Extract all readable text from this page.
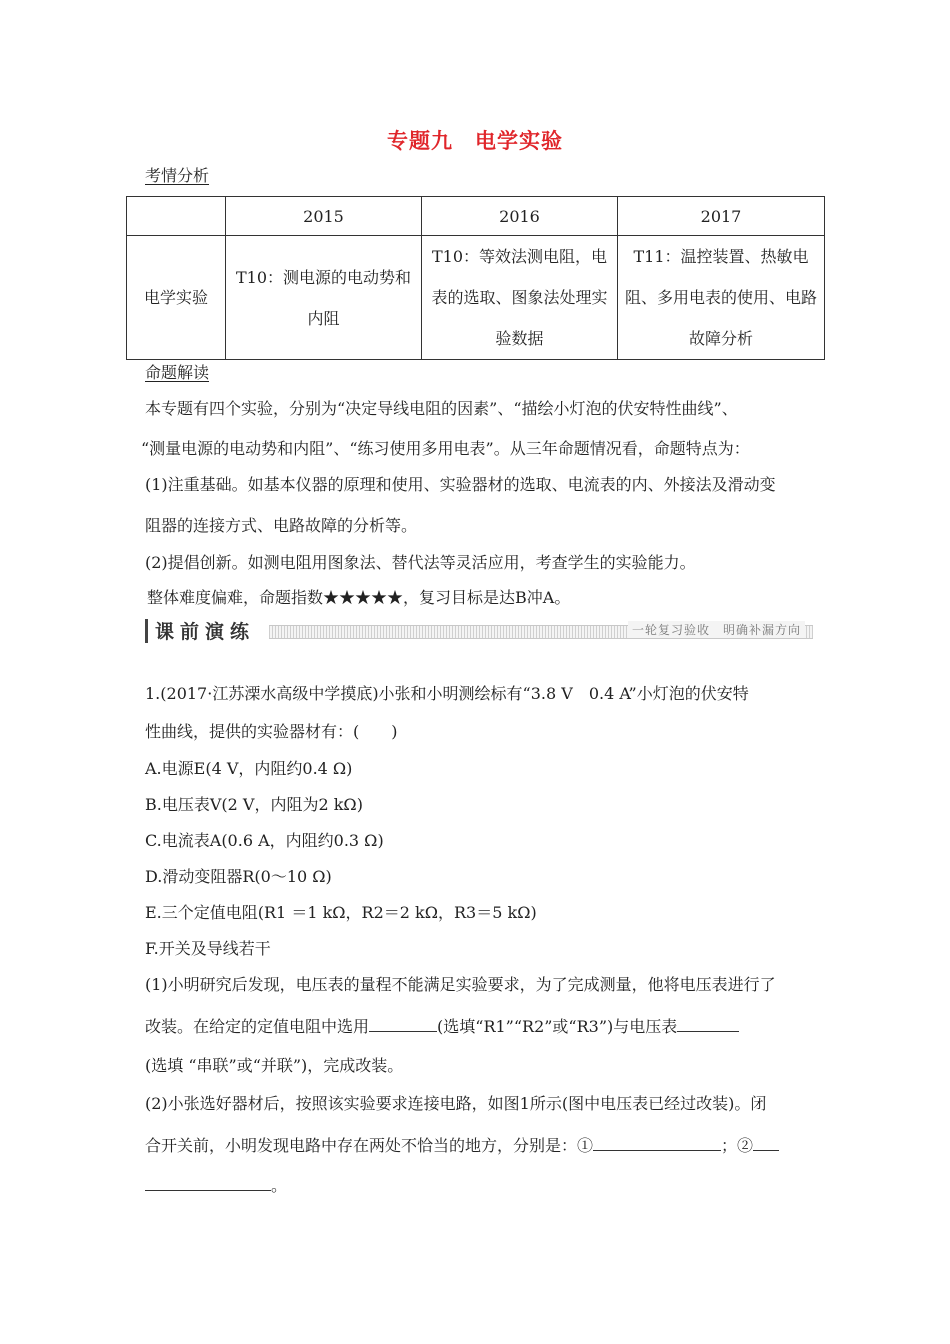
专题九　电学实验
考情分析
	2015	2016	2017
电学实验	T10：测电源的电动势和内阻	T10：等效法测电阻，电表的选取、图象法处理实验数据	T11：温控装置、热敏电阻、多用电表的使用、电路故障分析
命题解读
本专题有四个实验，分别为“决定导线电阻的因素”、“描绘小灯泡的伏安特性曲线”、
“测量电源的电动势和内阻”、“练习使用多用电表”。从三年命题情况看，命题特点为：
(1)注重基础。如基本仪器的原理和使用、实验器材的选取、电流表的内、外接法及滑动变
阻器的连接方式、电路故障的分析等。
(2)提倡创新。如测电阻用图象法、替代法等灵活应用，考查学生的实验能力。
整体难度偏难，命题指数★★★★★，复习目标是达B冲A。
课前演练	一轮复习验收　明确补漏方向
1.(2017·江苏溧水高级中学摸底)小张和小明测绘标有“3.8 V　0.4 A”小灯泡的伏安特
性曲线，提供的实验器材有：(　　)
A.电源E(4 V，内阻约0.4 Ω)
B.电压表V(2 V，内阻为2 kΩ)
C.电流表A(0.6 A，内阻约0.3 Ω)
D.滑动变阻器R(0～10 Ω)
E.三个定值电阻(R1 ＝1 kΩ，R2＝2 kΩ，R3＝5 kΩ)
F.开关及导线若干
(1)小明研究后发现，电压表的量程不能满足实验要求，为了完成测量，他将电压表进行了
改装。在给定的定值电阻中选用	(选填“R1”“R2”或“R3”)与电压表
(选填 “串联”或“并联”)，完成改装。
(2)小张选好器材后，按照该实验要求连接电路，如图1所示(图中电压表已经过改装)。闭
合开关前，小明发现电路中存在两处不恰当的地方，分别是：①	；②
。
